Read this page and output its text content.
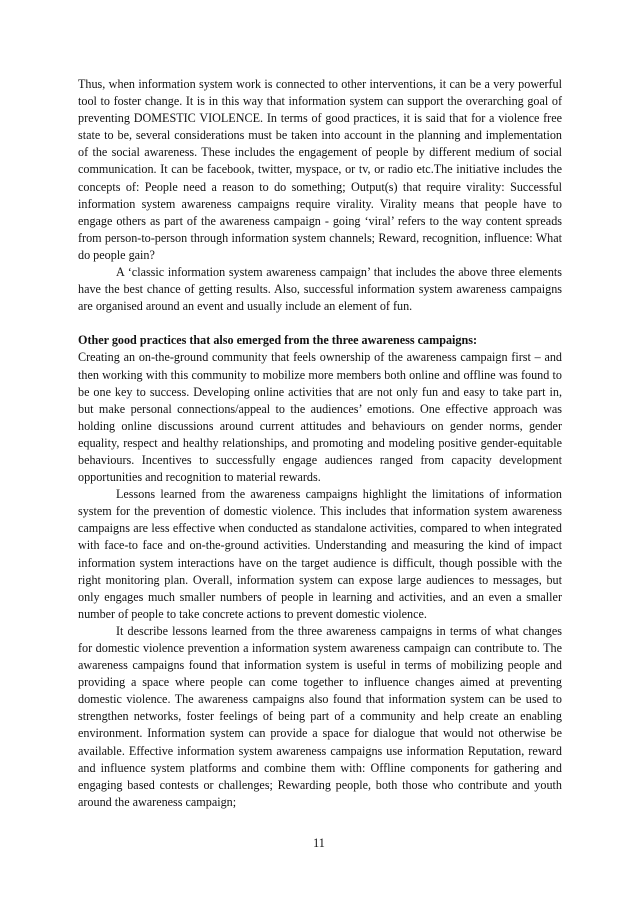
Thus, when information system work is connected to other interventions, it can be a very powerful tool to foster change. It is in this way that information system can support the overarching goal of preventing DOMESTIC VIOLENCE. In terms of good practices, it is said that for a violence free state to be, several considerations must be taken into account in the planning and implementation of the social awareness. These includes the engagement of people by different medium of social communication. It can be facebook, twitter, myspace, or tv, or radio etc.The initiative includes the concepts of: People need a reason to do something; Output(s) that require virality: Successful information system awareness campaigns require virality. Virality means that people have to engage others as part of the awareness campaign - going ‘viral’ refers to the way content spreads from person-to-person through information system channels; Reward, recognition, influence: What do people gain?

A ‘classic information system awareness campaign’ that includes the above three elements have the best chance of getting results. Also, successful information system awareness campaigns are organised around an event and usually include an element of fun.

Other good practices that also emerged from the three awareness campaigns:

Creating an on-the-ground community that feels ownership of the awareness campaign first – and then working with this community to mobilize more members both online and offline was found to be one key to success. Developing online activities that are not only fun and easy to take part in, but make personal connections/appeal to the audiences’ emotions. One effective approach was holding online discussions around current attitudes and behaviours on gender norms, gender equality, respect and healthy relationships, and promoting and modeling positive gender-equitable behaviours. Incentives to successfully engage audiences ranged from capacity development opportunities and recognition to material rewards.

Lessons learned from the awareness campaigns highlight the limitations of information system for the prevention of domestic violence. This includes that information system awareness campaigns are less effective when conducted as standalone activities, compared to when integrated with face-to face and on-the-ground activities. Understanding and measuring the kind of impact information system interactions have on the target audience is difficult, though possible with the right monitoring plan. Overall, information system can expose large audiences to messages, but only engages much smaller numbers of people in learning and activities, and an even a smaller number of people to take concrete actions to prevent domestic violence.

It describe lessons learned from the three awareness campaigns in terms of what changes for domestic violence prevention a information system awareness campaign can contribute to. The awareness campaigns found that information system is useful in terms of mobilizing people and providing a space where people can come together to influence changes aimed at preventing domestic violence. The awareness campaigns also found that information system can be used to strengthen networks, foster feelings of being part of a community and help create an enabling environment. Information system can provide a space for dialogue that would not otherwise be available. Effective information system awareness campaigns use information Reputation, reward and influence system platforms and combine them with: Offline components for gathering and engaging based contests or challenges; Rewarding people, both those who contribute and youth around the awareness campaign;

11
